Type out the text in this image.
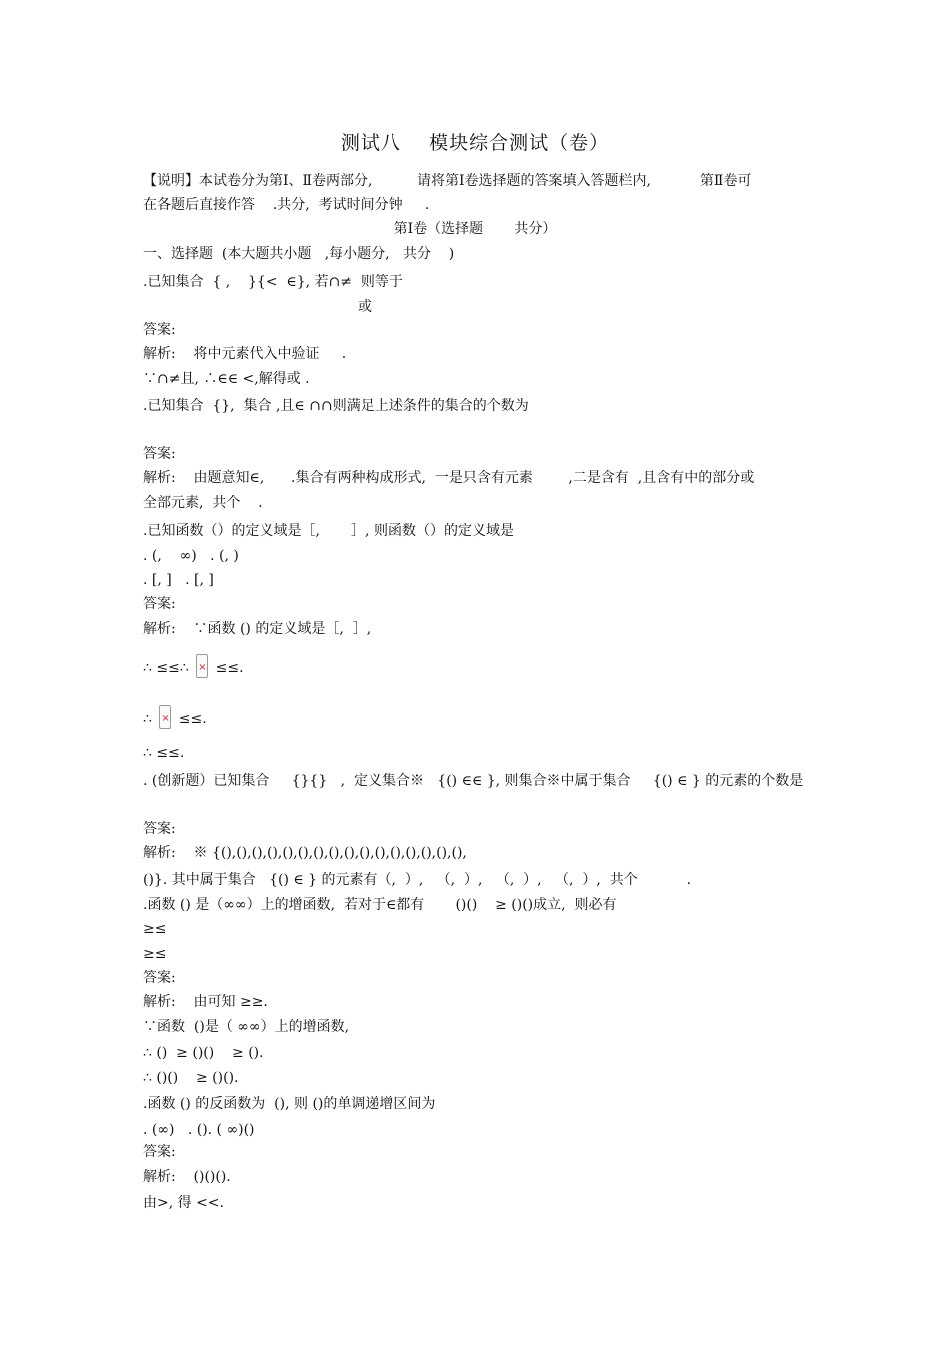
测试八    模块综合测试（卷）
【说明】本试卷分为第Ⅰ、Ⅱ卷两部分,          请将第Ⅰ卷选择题的答案填入答题栏内,           第Ⅱ卷可
在各题后直接作答    .共分,  考试时间分钟     .
第Ⅰ卷（选择题       共分）
一、选择题  (本大题共小题   ,每小题分,   共分    )
.已知集合  { ,    }{<  ∈}, 若∩≠  则等于
或
答案:
解析:    将中元素代入中验证     .
∵∩≠且, ∴∈∈ <,解得或 .
.已知集合  {},  集合 ,且∈ ∩∩则满足上述条件的集合的个数为
答案:
解析:    由题意知∈,      .集合有两种构成形式,  一是只含有元素        ,二是含有  ,且含有中的部分或
全部元素,  共个    .
.已知函数（）的定义域是［,       ］, 则函数（）的定义域是
. (,    ∞)   . (, )
. [, ]   . [, ]
答案:
解析:    ∵函数 () 的定义域是［,  ］,
∴ ≤≤∴  × ≤≤.
∴  × ≤≤.
∴ ≤≤.
. (创新题）已知集合     {}{}   ,  定义集合※   {() ∈∈ }, 则集合※中属于集合     {() ∈ } 的元素的个数是
答案:
解析:    ※ {(),(),(),(),(),(),(),(),(),(),(),(),(),(),(),(),
()}. 其中属于集合   {() ∈ } 的元素有（,  ）,   （,  ）,   （,  ）,   （,  ）,  共个           .
.函数 () 是（∞∞）上的增函数,  若对于∈都有       ()()    ≥ ()()成立,  则必有
≥≤
≥≤
答案:
解析:    由可知 ≥≥.
∵函数  ()是（ ∞∞）上的增函数,
∴ ()  ≥ ()()    ≥ ().
∴ ()()    ≥ ()().
.函数 () 的反函数为  (), 则 ()的单调递增区间为
. (∞)   . (). ( ∞)()
答案:
解析:    ()()().
由>, 得 <<.
